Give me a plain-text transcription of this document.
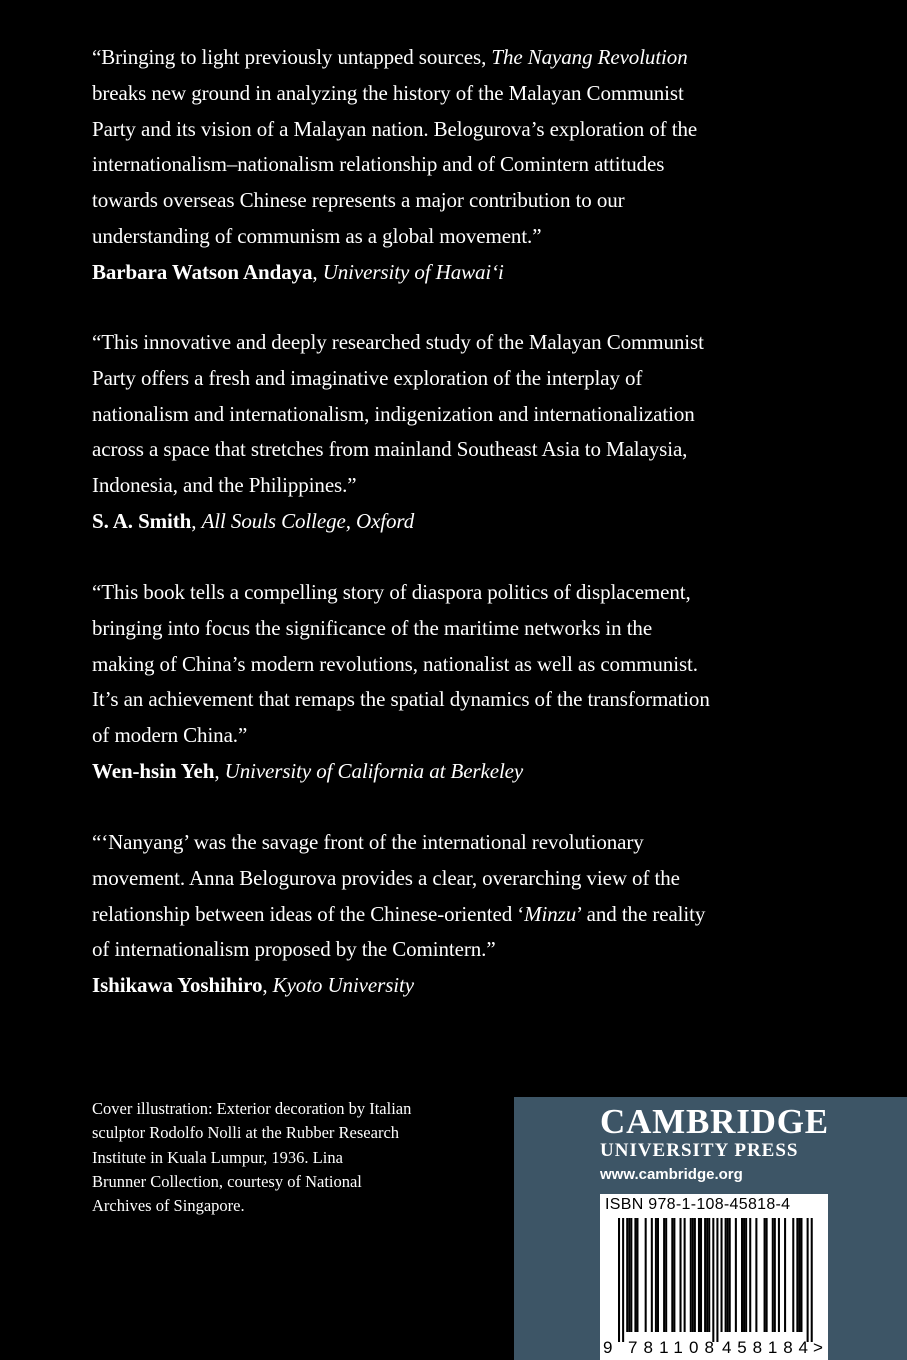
“Bringing to light previously untapped sources, The Nayang Revolution

breaks new ground in analyzing the history of the Malayan Communist

Party and its vision of a Malayan nation. Belogurova’s exploration of the

internationalism–nationalism relationship and of Comintern attitudes

towards overseas Chinese represents a major contribution to our

understanding of communism as a global movement.”

Barbara Watson Andaya, University of Hawai‘i

“This innovative and deeply researched study of the Malayan Communist

Party offers a fresh and imaginative exploration of the interplay of

nationalism and internationalism, indigenization and internationalization

across a space that stretches from mainland Southeast Asia to Malaysia,

Indonesia, and the Philippines.”

S. A. Smith, All Souls College, Oxford

“This book tells a compelling story of diaspora politics of displacement,

bringing into focus the significance of the maritime networks in the

making of China’s modern revolutions, nationalist as well as communist.

It’s an achievement that remaps the spatial dynamics of the transformation

of modern China.”

Wen-hsin Yeh, University of California at Berkeley

“‘Nanyang’ was the savage front of the international revolutionary

movement. Anna Belogurova provides a clear, overarching view of the

relationship between ideas of the Chinese-oriented ‘Minzu’ and the reality

of internationalism proposed by the Comintern.”

Ishikawa Yoshihiro, Kyoto University

Cover illustration: Exterior decoration by Italian
sculptor Rodolfo Nolli at the Rubber Research
Institute in Kuala Lumpur, 1936. Lina
Brunner Collection, courtesy of National
Archives of Singapore.
CAMBRIDGE
UNIVERSITY PRESS
www.cambridge.org
ISBN 978-1-108-45818-4
9 781108 458184 >
